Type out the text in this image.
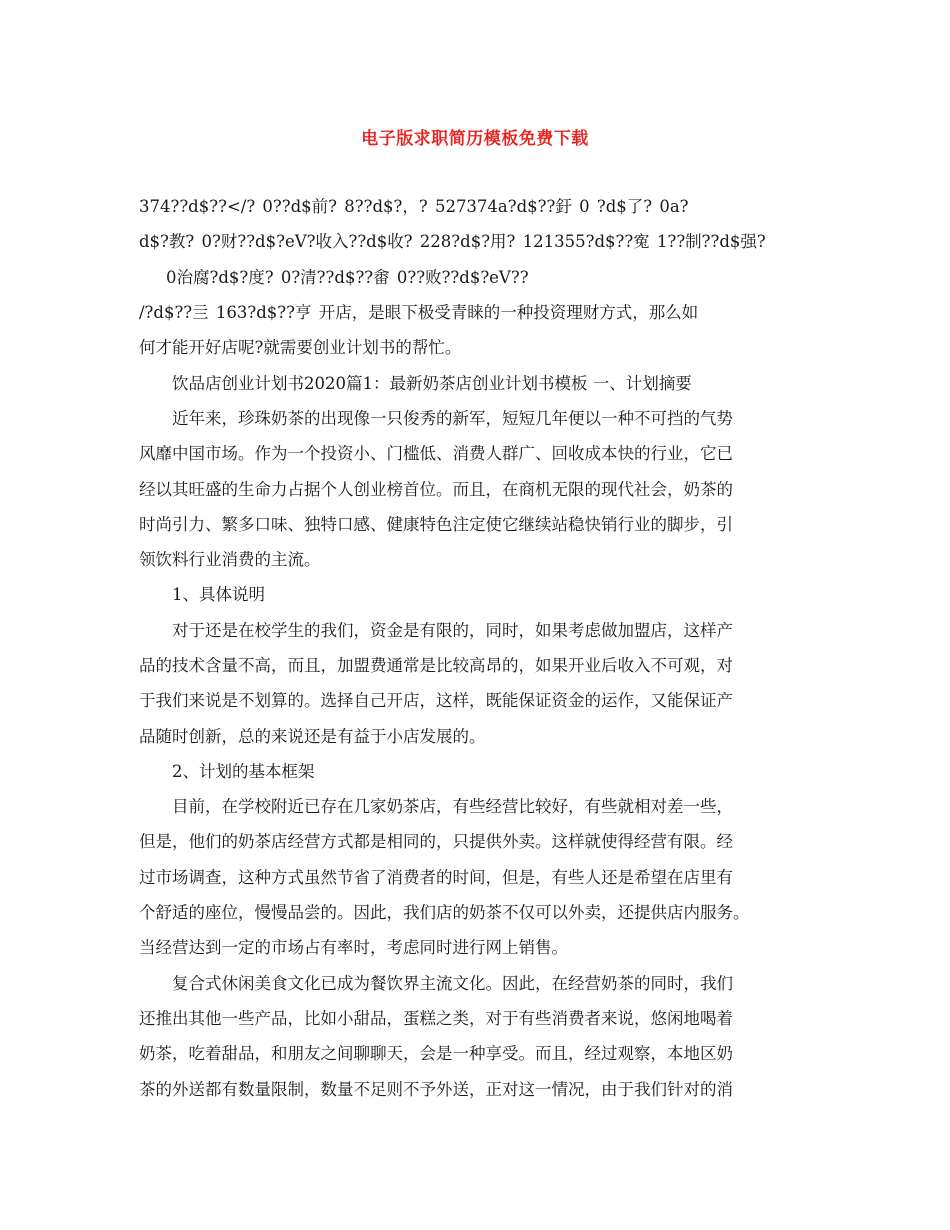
电子版求职简历模板免费下载
374??d$??</? 0??d$前? 8??d$?，? 527374a?d$??釪 0 ?d$了? 0a?
d$?教? 0?财??d$?eV?收入??d$收? 228?d$?用? 121355?d$??寃 1??制??d$强?
0治腐?d$?度? 0?清??d$??畬 0??败??d$?eV??
/?d$??亖 163?d$??亨 开店，是眼下极受青睐的一种投资理财方式，那么如
何才能开好店呢?就需要创业计划书的帮忙。
饮品店创业计划书2020篇1：最新奶茶店创业计划书模板 一、计划摘要
近年来，珍珠奶茶的出现像一只俊秀的新军，短短几年便以一种不可挡的气势
风靡中国市场。作为一个投资小、门槛低、消费人群广、回收成本快的行业，它已
经以其旺盛的生命力占据个人创业榜首位。而且，在商机无限的现代社会，奶茶的
时尚引力、繁多口味、独特口感、健康特色注定使它继续站稳快销行业的脚步，引
领饮料行业消费的主流。
1、具体说明
对于还是在校学生的我们，资金是有限的，同时，如果考虑做加盟店，这样产
品的技术含量不高，而且，加盟费通常是比较高昂的，如果开业后收入不可观，对
于我们来说是不划算的。选择自己开店，这样，既能保证资金的运作，又能保证产
品随时创新，总的来说还是有益于小店发展的。
2、计划的基本框架
目前，在学校附近已存在几家奶茶店，有些经营比较好，有些就相对差一些，
但是，他们的奶茶店经营方式都是相同的，只提供外卖。这样就使得经营有限。经
过市场调查，这种方式虽然节省了消费者的时间，但是，有些人还是希望在店里有
个舒适的座位，慢慢品尝的。因此，我们店的奶茶不仅可以外卖，还提供店内服务。
当经营达到一定的市场占有率时，考虑同时进行网上销售。
复合式休闲美食文化已成为餐饮界主流文化。因此，在经营奶茶的同时，我们
还推出其他一些产品，比如小甜品，蛋糕之类，对于有些消费者来说，悠闲地喝着
奶茶，吃着甜品，和朋友之间聊聊天，会是一种享受。而且，经过观察，本地区奶
茶的外送都有数量限制，数量不足则不予外送，正对这一情况，由于我们针对的消
